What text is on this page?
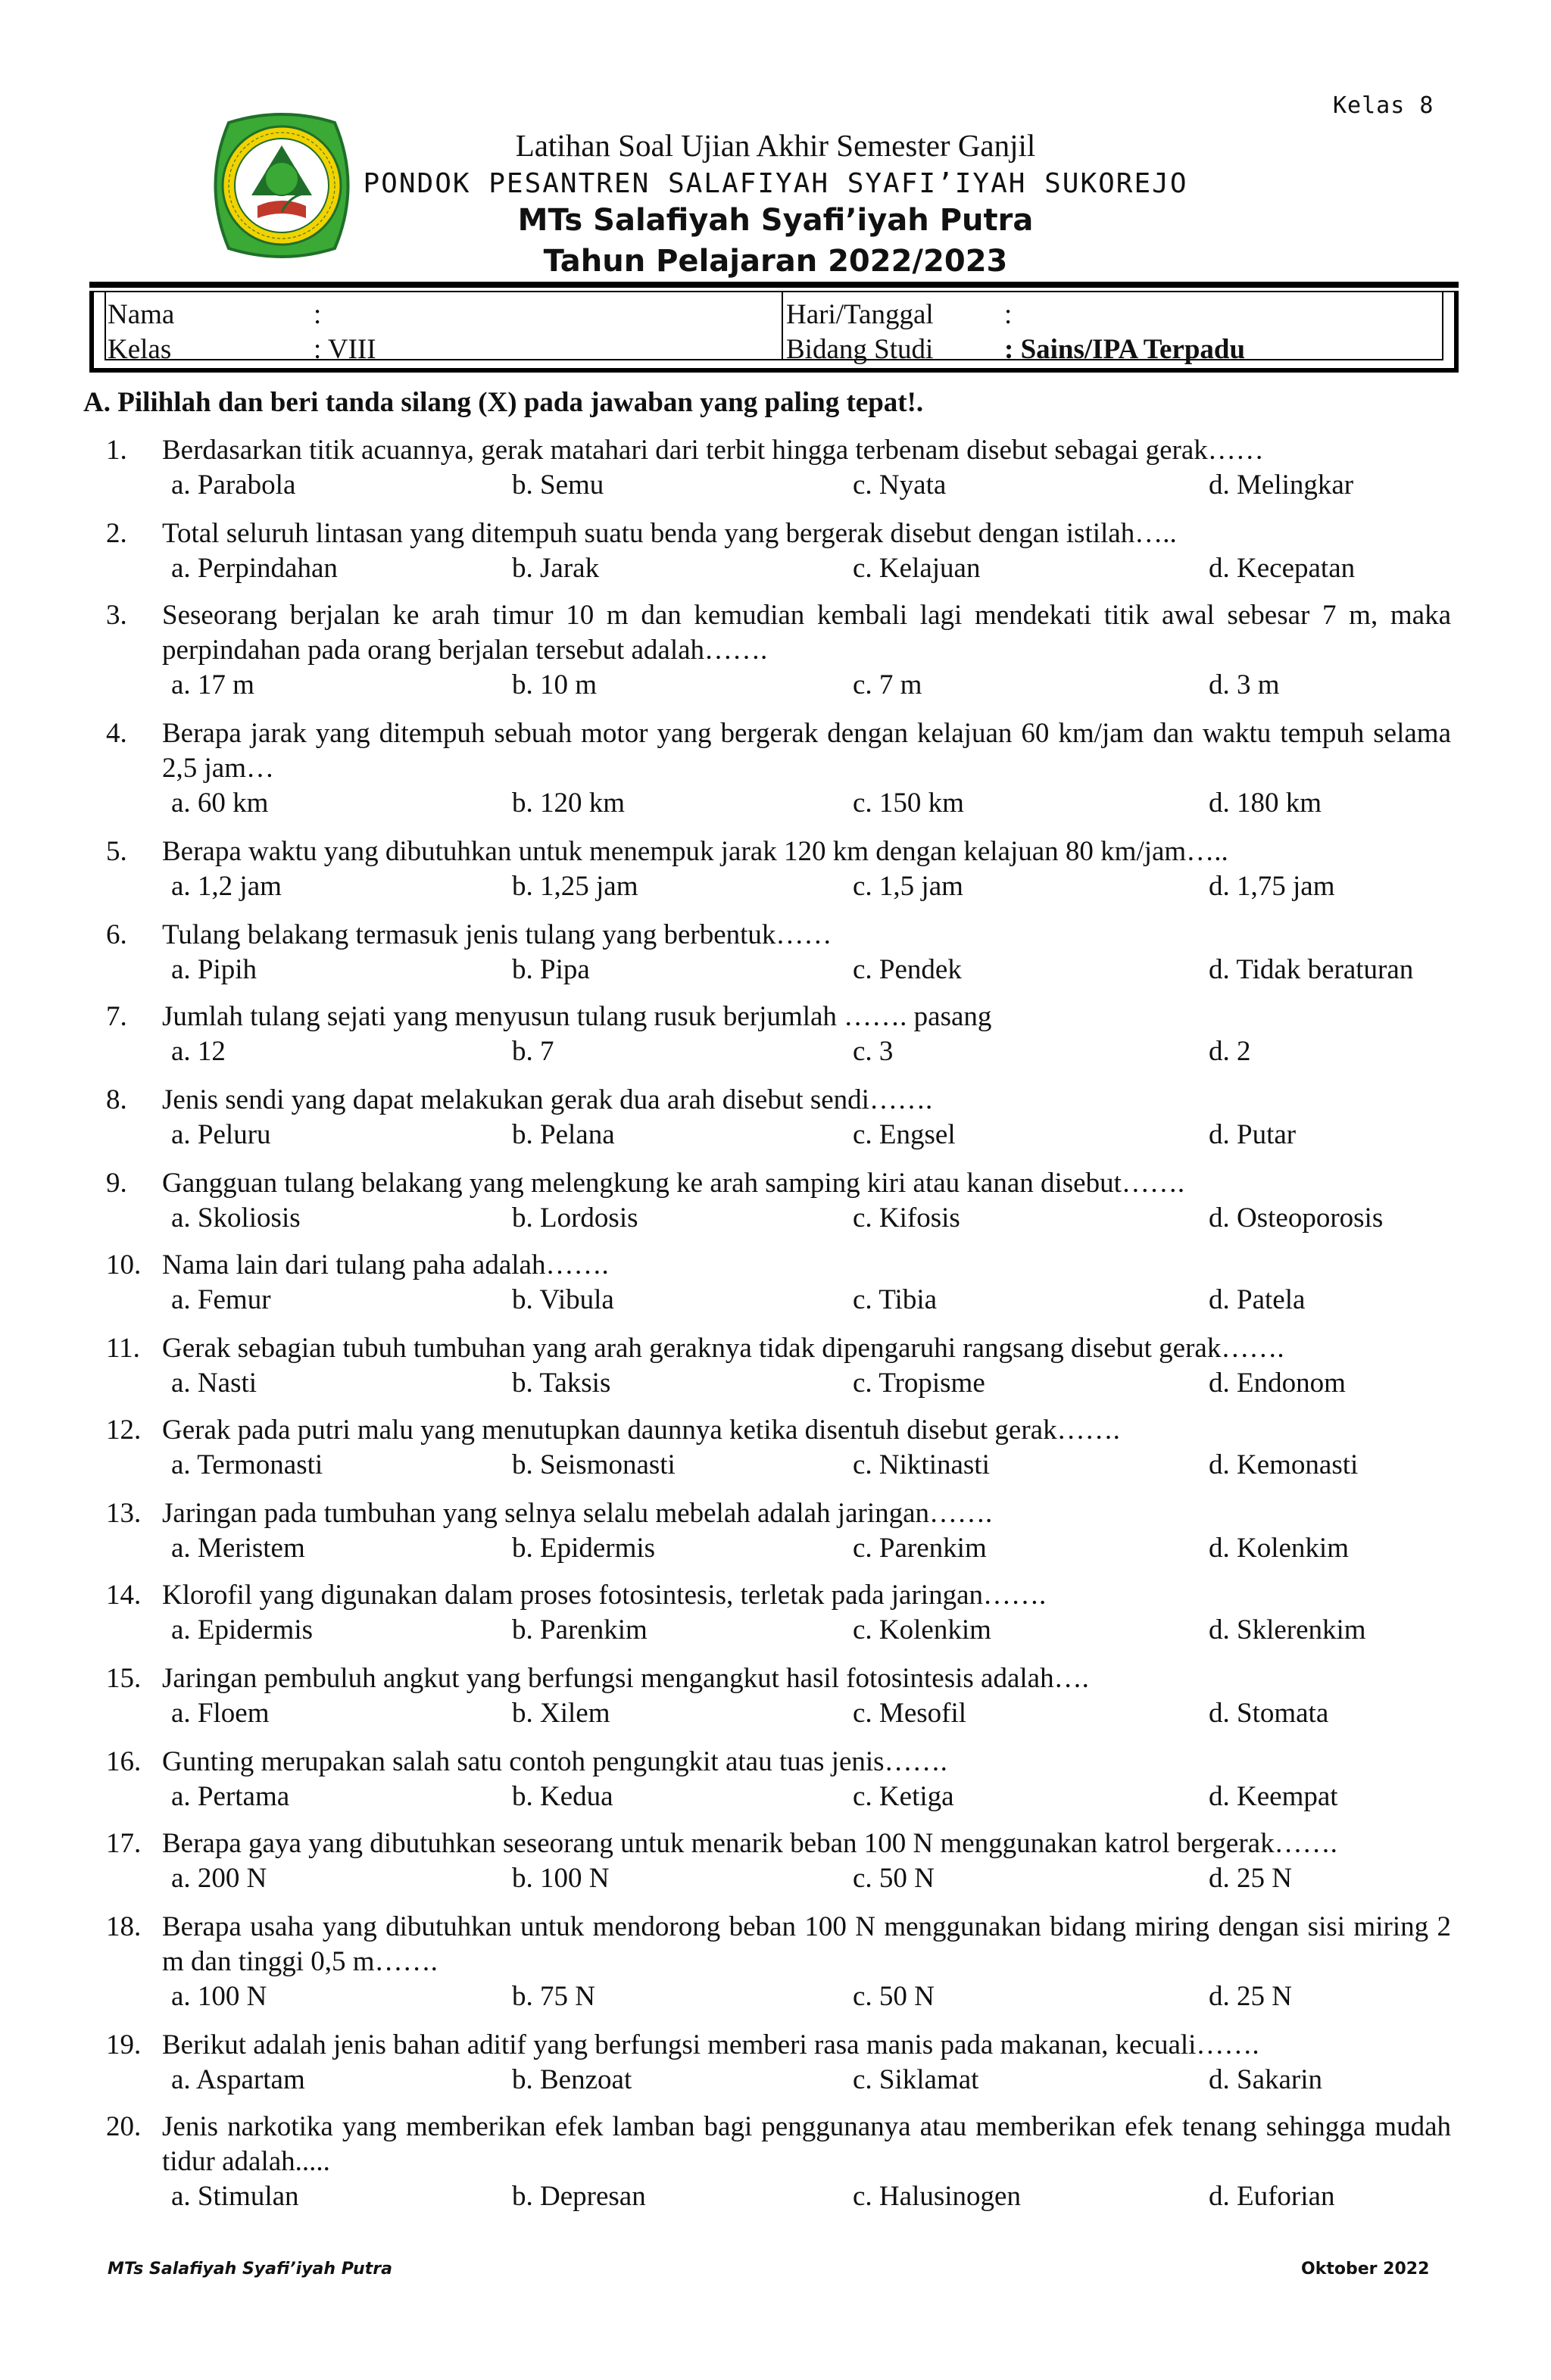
Kelas 8
Latihan Soal Ujian Akhir Semester Ganjil
PONDOK PESANTREN SALAFIYAH SYAFI’IYAH SUKOREJO
MTs Salafiyah Syafi’iyah Putra
Tahun Pelajaran 2022/2023
Nama	:
Kelas	: VIII
Hari/Tanggal	:
Bidang Studi	: Sains/IPA Terpadu
A. Pilihlah dan beri tanda silang (X) pada jawaban yang paling tepat!.
1. Berdasarkan titik acuannya, gerak matahari dari terbit hingga terbenam disebut sebagai gerak……
a. Parabola	b. Semu	c. Nyata	d. Melingkar
2. Total seluruh lintasan yang ditempuh suatu benda yang bergerak disebut dengan istilah…..
a. Perpindahan	b. Jarak	c. Kelajuan	d. Kecepatan
3. Seseorang berjalan ke arah timur 10 m dan kemudian kembali lagi mendekati titik awal sebesar 7 m, maka perpindahan pada orang berjalan tersebut adalah…….
a. 17 m	b. 10 m	c. 7 m	d. 3 m
4. Berapa jarak yang ditempuh sebuah motor yang bergerak dengan kelajuan 60 km/jam dan waktu tempuh selama 2,5 jam…
a. 60 km	b. 120 km	c. 150 km	d. 180 km
5. Berapa waktu yang dibutuhkan untuk menempuk jarak 120 km dengan kelajuan 80 km/jam…..
a. 1,2 jam	b. 1,25 jam	c. 1,5 jam	d. 1,75 jam
6. Tulang belakang termasuk jenis tulang yang berbentuk……
a. Pipih	b. Pipa	c. Pendek	d. Tidak beraturan
7. Jumlah tulang sejati yang menyusun tulang rusuk berjumlah ……. pasang
a. 12	b. 7	c. 3	d. 2
8. Jenis sendi yang dapat melakukan gerak dua arah disebut sendi…….
a. Peluru	b. Pelana	c. Engsel	d. Putar
9. Gangguan tulang belakang yang melengkung ke arah samping kiri atau kanan disebut…….
a. Skoliosis	b. Lordosis	c. Kifosis	d. Osteoporosis
10. Nama lain dari tulang paha adalah…….
a. Femur	b. Vibula	c. Tibia	d. Patela
11. Gerak sebagian tubuh tumbuhan yang arah geraknya tidak dipengaruhi rangsang disebut gerak…….
a. Nasti	b. Taksis	c. Tropisme	d. Endonom
12. Gerak pada putri malu yang menutupkan daunnya ketika disentuh disebut gerak…….
a. Termonasti	b. Seismonasti	c. Niktinasti	d. Kemonasti
13. Jaringan pada tumbuhan yang selnya selalu mebelah adalah jaringan…….
a. Meristem	b. Epidermis	c. Parenkim	d. Kolenkim
14. Klorofil yang digunakan dalam proses fotosintesis, terletak pada jaringan…….
a. Epidermis	b. Parenkim	c. Kolenkim	d. Sklerenkim
15. Jaringan pembuluh angkut yang berfungsi mengangkut hasil fotosintesis adalah….
a. Floem	b. Xilem	c. Mesofil	d. Stomata
16. Gunting merupakan salah satu contoh pengungkit atau tuas jenis…….
a. Pertama	b. Kedua	c. Ketiga	d. Keempat
17. Berapa gaya yang dibutuhkan seseorang untuk menarik beban 100 N menggunakan katrol bergerak…….
a. 200 N	b. 100 N	c. 50 N	d. 25 N
18. Berapa usaha yang dibutuhkan untuk mendorong beban 100 N menggunakan bidang miring dengan sisi miring 2 m dan tinggi 0,5 m…….
a. 100 N	b. 75 N	c. 50 N	d. 25 N
19. Berikut adalah jenis bahan aditif yang berfungsi memberi rasa manis pada makanan, kecuali…….
a. Aspartam	b. Benzoat	c. Siklamat	d. Sakarin
20. Jenis narkotika yang memberikan efek lamban bagi penggunanya atau memberikan efek tenang sehingga mudah tidur adalah.....
a. Stimulan	b. Depresan	c. Halusinogen	d. Euforian
MTs Salafiyah Syafi’iyah Putra	Oktober 2022
